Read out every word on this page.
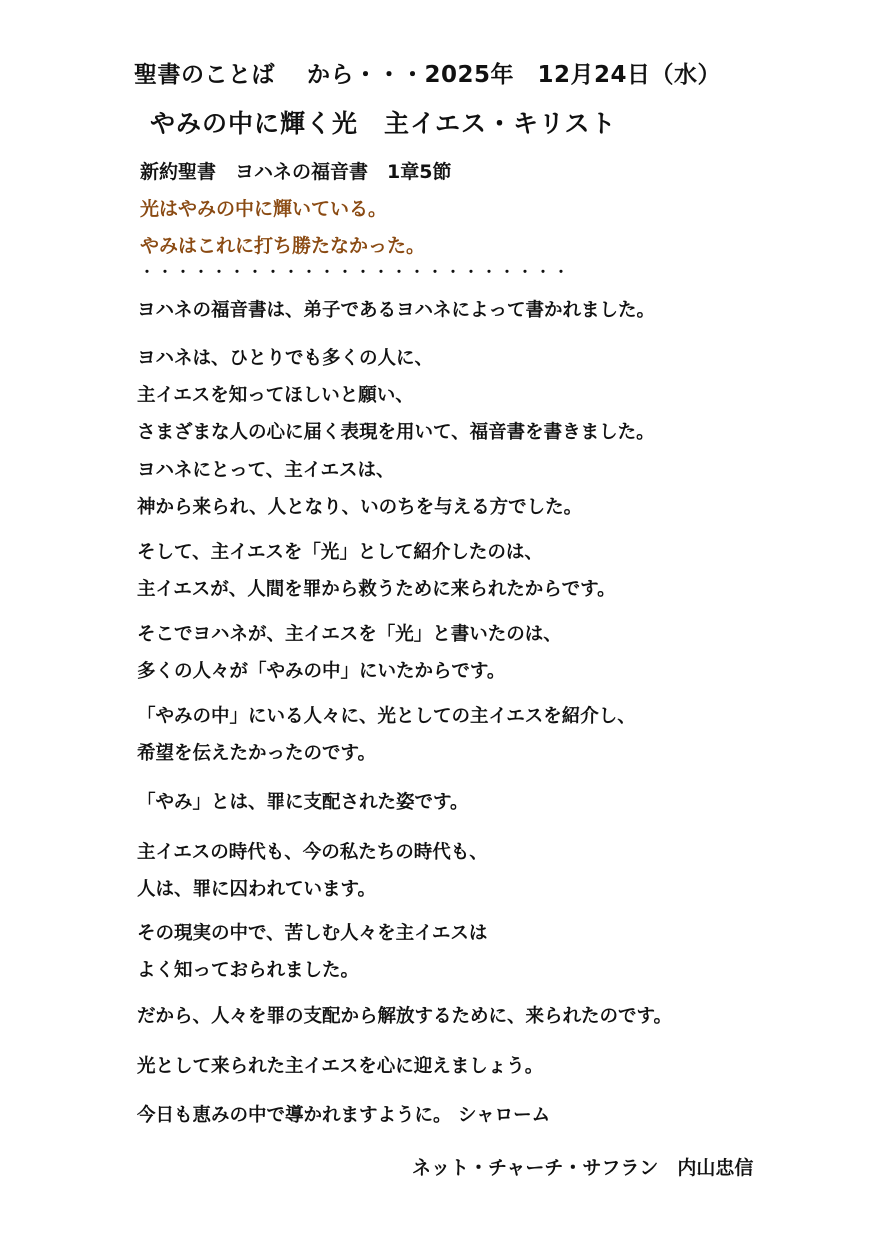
聖書のことば　 から・・・2025年　12月24日（水）
やみの中に輝く光　主イエス・キリスト
新約聖書　ヨハネの福音書　1章5節
光はやみの中に輝いている。
やみはこれに打ち勝たなかった。
・・・・・・・・・・・・・・・・・・・・・・・・
ヨハネの福音書は、弟子であるヨハネによって書かれました。
ヨハネは、ひとりでも多くの人に、
主イエスを知ってほしいと願い、
さまざまな人の心に届く表現を用いて、福音書を書きました。
ヨハネにとって、主イエスは、
神から来られ、人となり、いのちを与える方でした。
そして、主イエスを「光」として紹介したのは、
主イエスが、人間を罪から救うために来られたからです。
そこでヨハネが、主イエスを「光」と書いたのは、
多くの人々が「やみの中」にいたからです。
「やみの中」にいる人々に、光としての主イエスを紹介し、
希望を伝えたかったのです。
「やみ」とは、罪に支配された姿です。
主イエスの時代も、今の私たちの時代も、
人は、罪に囚われています。
その現実の中で、苦しむ人々を主イエスは
よく知っておられました。
だから、人々を罪の支配から解放するために、来られたのです。
光として来られた主イエスを心に迎えましょう。
今日も恵みの中で導かれますように。 シャローム
ネット・チャーチ・サフラン　内山忠信
